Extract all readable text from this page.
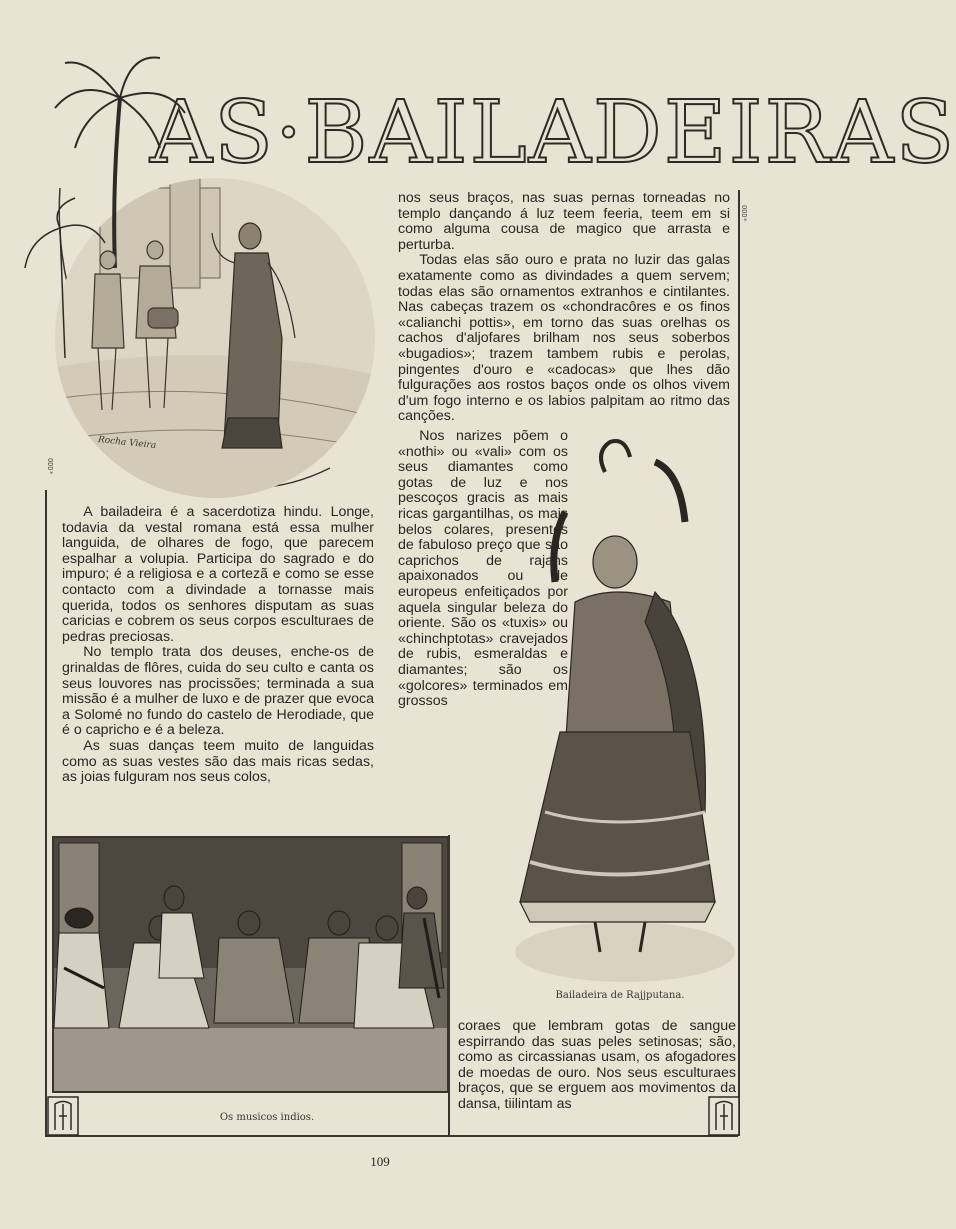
AS·BAILADEIRAS
Rocha Vieira

nos seus braços, nas suas pernas torneadas no templo dançando á luz teem feeria, teem em si como alguma cousa de magico que arrasta e perturba.

Todas elas são ouro e prata no luzir das galas exatamente como as divindades a quem servem; todas elas são ornamentos extranhos e cintilantes. Nas cabeças trazem os «chondracôres e os finos «calianchi pottis», em torno das suas orelhas os cachos d'aljofares brilham nos seus soberbos «bugadios»; trazem tambem rubis e perolas, pingentes d'ouro e «cadocas» que lhes dão fulgurações aos rostos baços onde os olhos vivem d'um fogo interno e os labios palpitam ao ritmo das canções.

Nos narizes põem o «nothi» ou «vali» com os seus diamantes como gotas de luz e nos pescoços gracis as mais ricas gargantilhas, os mais belos colares, presentes de fabuloso preço que são caprichos de rajahs apaixonados ou de europeus enfeitiçados por aquela singular beleza do oriente. São os «tuxis» ou «chinchptotas» cravejados de rubis, esmeraldas e diamantes; são os «golcores» terminados em grossos

Bailadeira de Rajjputana.

A bailadeira é a sacerdotiza hindu. Longe, todavia da vestal romana está essa mulher languida, de olhares de fogo, que parecem espalhar a volupia. Participa do sagrado e do impuro; é a religiosa e a cortezã e como se esse contacto com a divindade a tornasse mais querida, todos os senhores disputam as suas caricias e cobrem os seus corpos esculturaes de pedras preciosas.

No templo trata dos deuses, enche-os de grinaldas de flôres, cuida do seu culto e canta os seus louvores nas procissões; terminada a sua missão é a mulher de luxo e de prazer que evoca a Solomé no fundo do castelo de Herodiade, que é o capricho e é a beleza.

As suas danças teem muito de languidas como as suas vestes são das mais ricas sedas, as joias fulguram nos seus colos,

Os musicos indios.

coraes que lembram gotas de sangue espirrando das suas peles setinosas; são, como as circassianas usam, os afogadores de moedas de ouro. Nos seus esculturaes braços, que se erguem aos movimentos da dansa, tiilintam as

ODD*
ODD*
109
